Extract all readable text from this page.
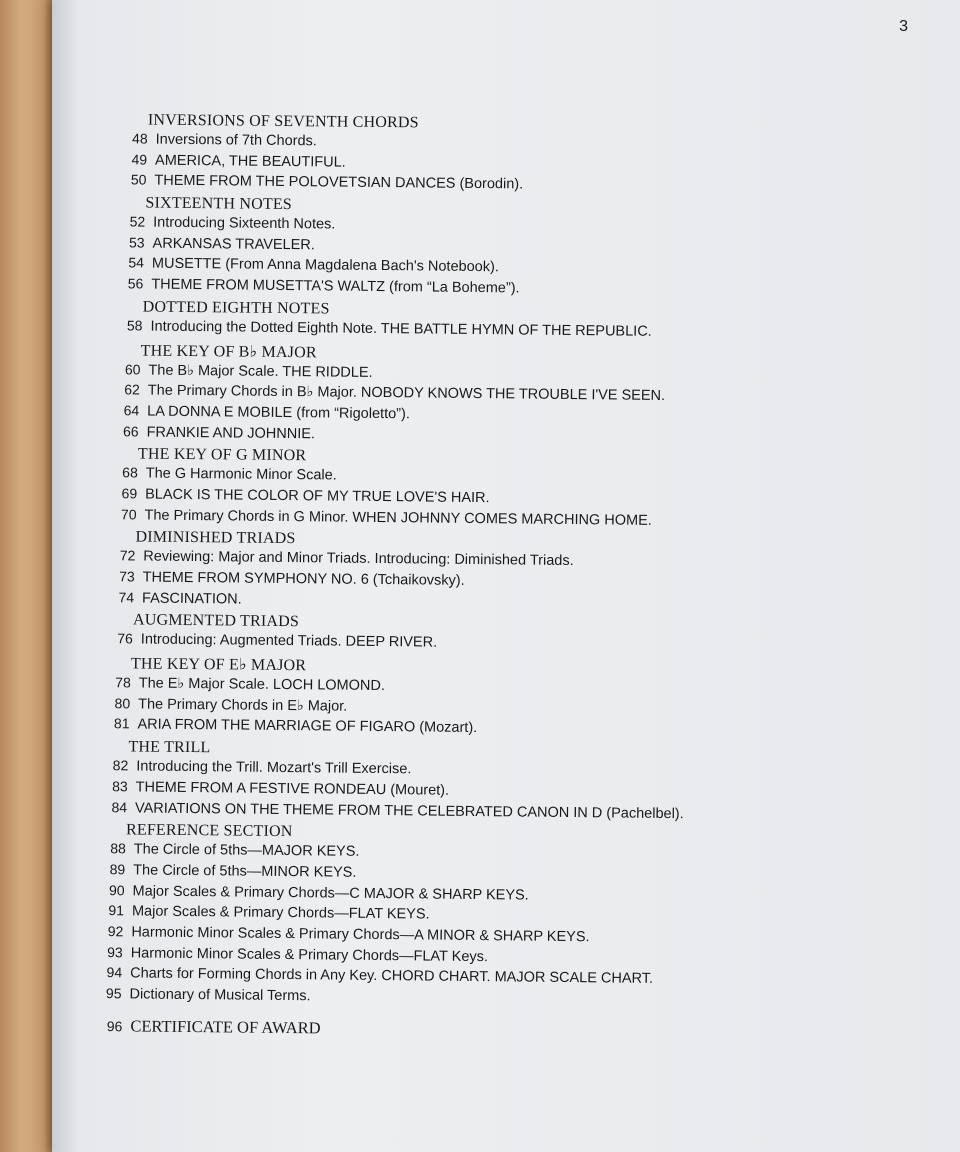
3
INVERSIONS OF SEVENTH CHORDS
48 Inversions of 7th Chords.
49 AMERICA, THE BEAUTIFUL.
50 THEME FROM THE POLOVETSIAN DANCES (Borodin).
SIXTEENTH NOTES
52 Introducing Sixteenth Notes.
53 ARKANSAS TRAVELER.
54 MUSETTE (From Anna Magdalena Bach's Notebook).
56 THEME FROM MUSETTA'S WALTZ (from “La Boheme”).
DOTTED EIGHTH NOTES
58 Introducing the Dotted Eighth Note. THE BATTLE HYMN OF THE REPUBLIC.
THE KEY OF B♭ MAJOR
60 The B♭ Major Scale. THE RIDDLE.
62 The Primary Chords in B♭ Major. NOBODY KNOWS THE TROUBLE I'VE SEEN.
64 LA DONNA E MOBILE (from “Rigoletto”).
66 FRANKIE AND JOHNNIE.
THE KEY OF G MINOR
68 The G Harmonic Minor Scale.
69 BLACK IS THE COLOR OF MY TRUE LOVE'S HAIR.
70 The Primary Chords in G Minor. WHEN JOHNNY COMES MARCHING HOME.
DIMINISHED TRIADS
72 Reviewing: Major and Minor Triads. Introducing: Diminished Triads.
73 THEME FROM SYMPHONY NO. 6 (Tchaikovsky).
74 FASCINATION.
AUGMENTED TRIADS
76 Introducing: Augmented Triads. DEEP RIVER.
THE KEY OF E♭ MAJOR
78 The E♭ Major Scale. LOCH LOMOND.
80 The Primary Chords in E♭ Major.
81 ARIA FROM THE MARRIAGE OF FIGARO (Mozart).
THE TRILL
82 Introducing the Trill. Mozart's Trill Exercise.
83 THEME FROM A FESTIVE RONDEAU (Mouret).
84 VARIATIONS ON THE THEME FROM THE CELEBRATED CANON IN D (Pachelbel).
REFERENCE SECTION
88 The Circle of 5ths—MAJOR KEYS.
89 The Circle of 5ths—MINOR KEYS.
90 Major Scales & Primary Chords—C MAJOR & SHARP KEYS.
91 Major Scales & Primary Chords—FLAT KEYS.
92 Harmonic Minor Scales & Primary Chords—A MINOR & SHARP KEYS.
93 Harmonic Minor Scales & Primary Chords—FLAT Keys.
94 Charts for Forming Chords in Any Key. CHORD CHART. MAJOR SCALE CHART.
95 Dictionary of Musical Terms.
96 CERTIFICATE OF AWARD
